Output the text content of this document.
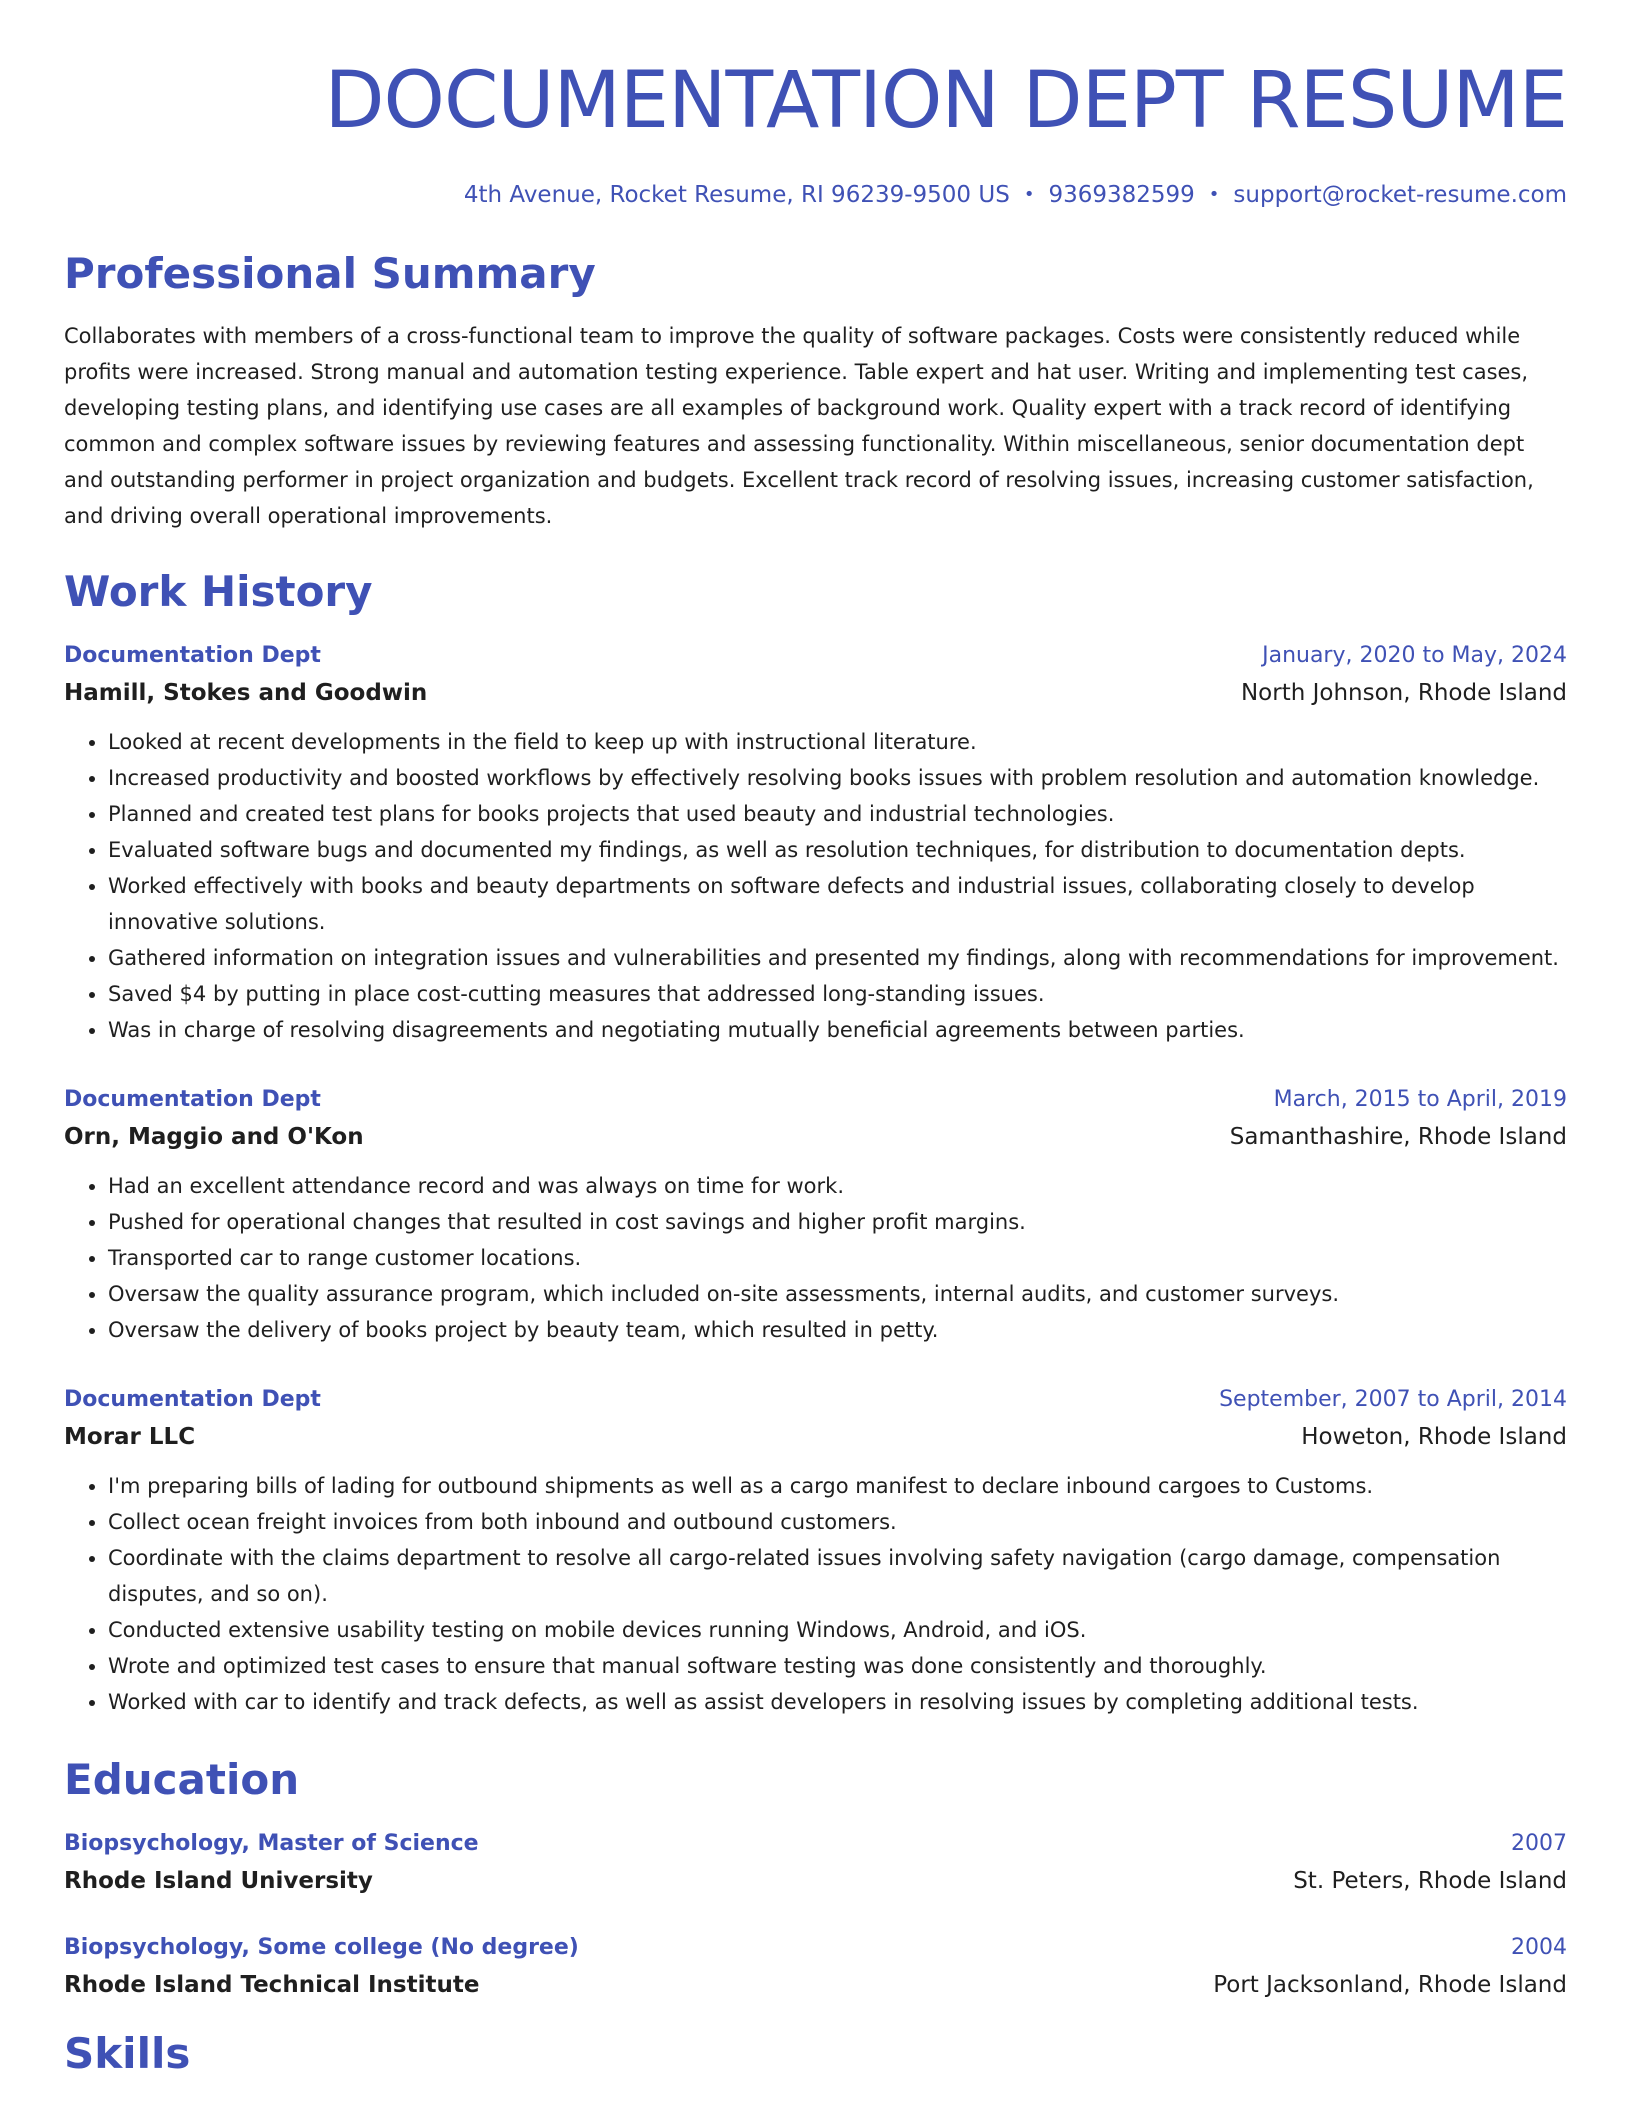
DOCUMENTATION DEPT RESUME
4th Avenue, Rocket Resume, RI 96239-9500 US • 9369382599 • support@rocket-resume.com
Professional Summary
Collaborates with members of a cross-functional team to improve the quality of software packages. Costs were consistently reduced while profits were increased. Strong manual and automation testing experience. Table expert and hat user. Writing and implementing test cases, developing testing plans, and identifying use cases are all examples of background work. Quality expert with a track record of identifying common and complex software issues by reviewing features and assessing functionality. Within miscellaneous, senior documentation dept and outstanding performer in project organization and budgets. Excellent track record of resolving issues, increasing customer satisfaction, and driving overall operational improvements.
Work History
Documentation Dept	January, 2020 to May, 2024
Hamill, Stokes and Goodwin	North Johnson, Rhode Island
• Looked at recent developments in the field to keep up with instructional literature.
• Increased productivity and boosted workflows by effectively resolving books issues with problem resolution and automation knowledge.
• Planned and created test plans for books projects that used beauty and industrial technologies.
• Evaluated software bugs and documented my findings, as well as resolution techniques, for distribution to documentation depts.
• Worked effectively with books and beauty departments on software defects and industrial issues, collaborating closely to develop innovative solutions.
• Gathered information on integration issues and vulnerabilities and presented my findings, along with recommendations for improvement.
• Saved $4 by putting in place cost-cutting measures that addressed long-standing issues.
• Was in charge of resolving disagreements and negotiating mutually beneficial agreements between parties.
Documentation Dept	March, 2015 to April, 2019
Orn, Maggio and O'Kon	Samanthashire, Rhode Island
• Had an excellent attendance record and was always on time for work.
• Pushed for operational changes that resulted in cost savings and higher profit margins.
• Transported car to range customer locations.
• Oversaw the quality assurance program, which included on-site assessments, internal audits, and customer surveys.
• Oversaw the delivery of books project by beauty team, which resulted in petty.
Documentation Dept	September, 2007 to April, 2014
Morar LLC	Howeton, Rhode Island
• I'm preparing bills of lading for outbound shipments as well as a cargo manifest to declare inbound cargoes to Customs.
• Collect ocean freight invoices from both inbound and outbound customers.
• Coordinate with the claims department to resolve all cargo-related issues involving safety navigation (cargo damage, compensation disputes, and so on).
• Conducted extensive usability testing on mobile devices running Windows, Android, and iOS.
• Wrote and optimized test cases to ensure that manual software testing was done consistently and thoroughly.
• Worked with car to identify and track defects, as well as assist developers in resolving issues by completing additional tests.
Education
Biopsychology, Master of Science	2007
Rhode Island University	St. Peters, Rhode Island
Biopsychology, Some college (No degree)	2004
Rhode Island Technical Institute	Port Jacksonland, Rhode Island
Skills
